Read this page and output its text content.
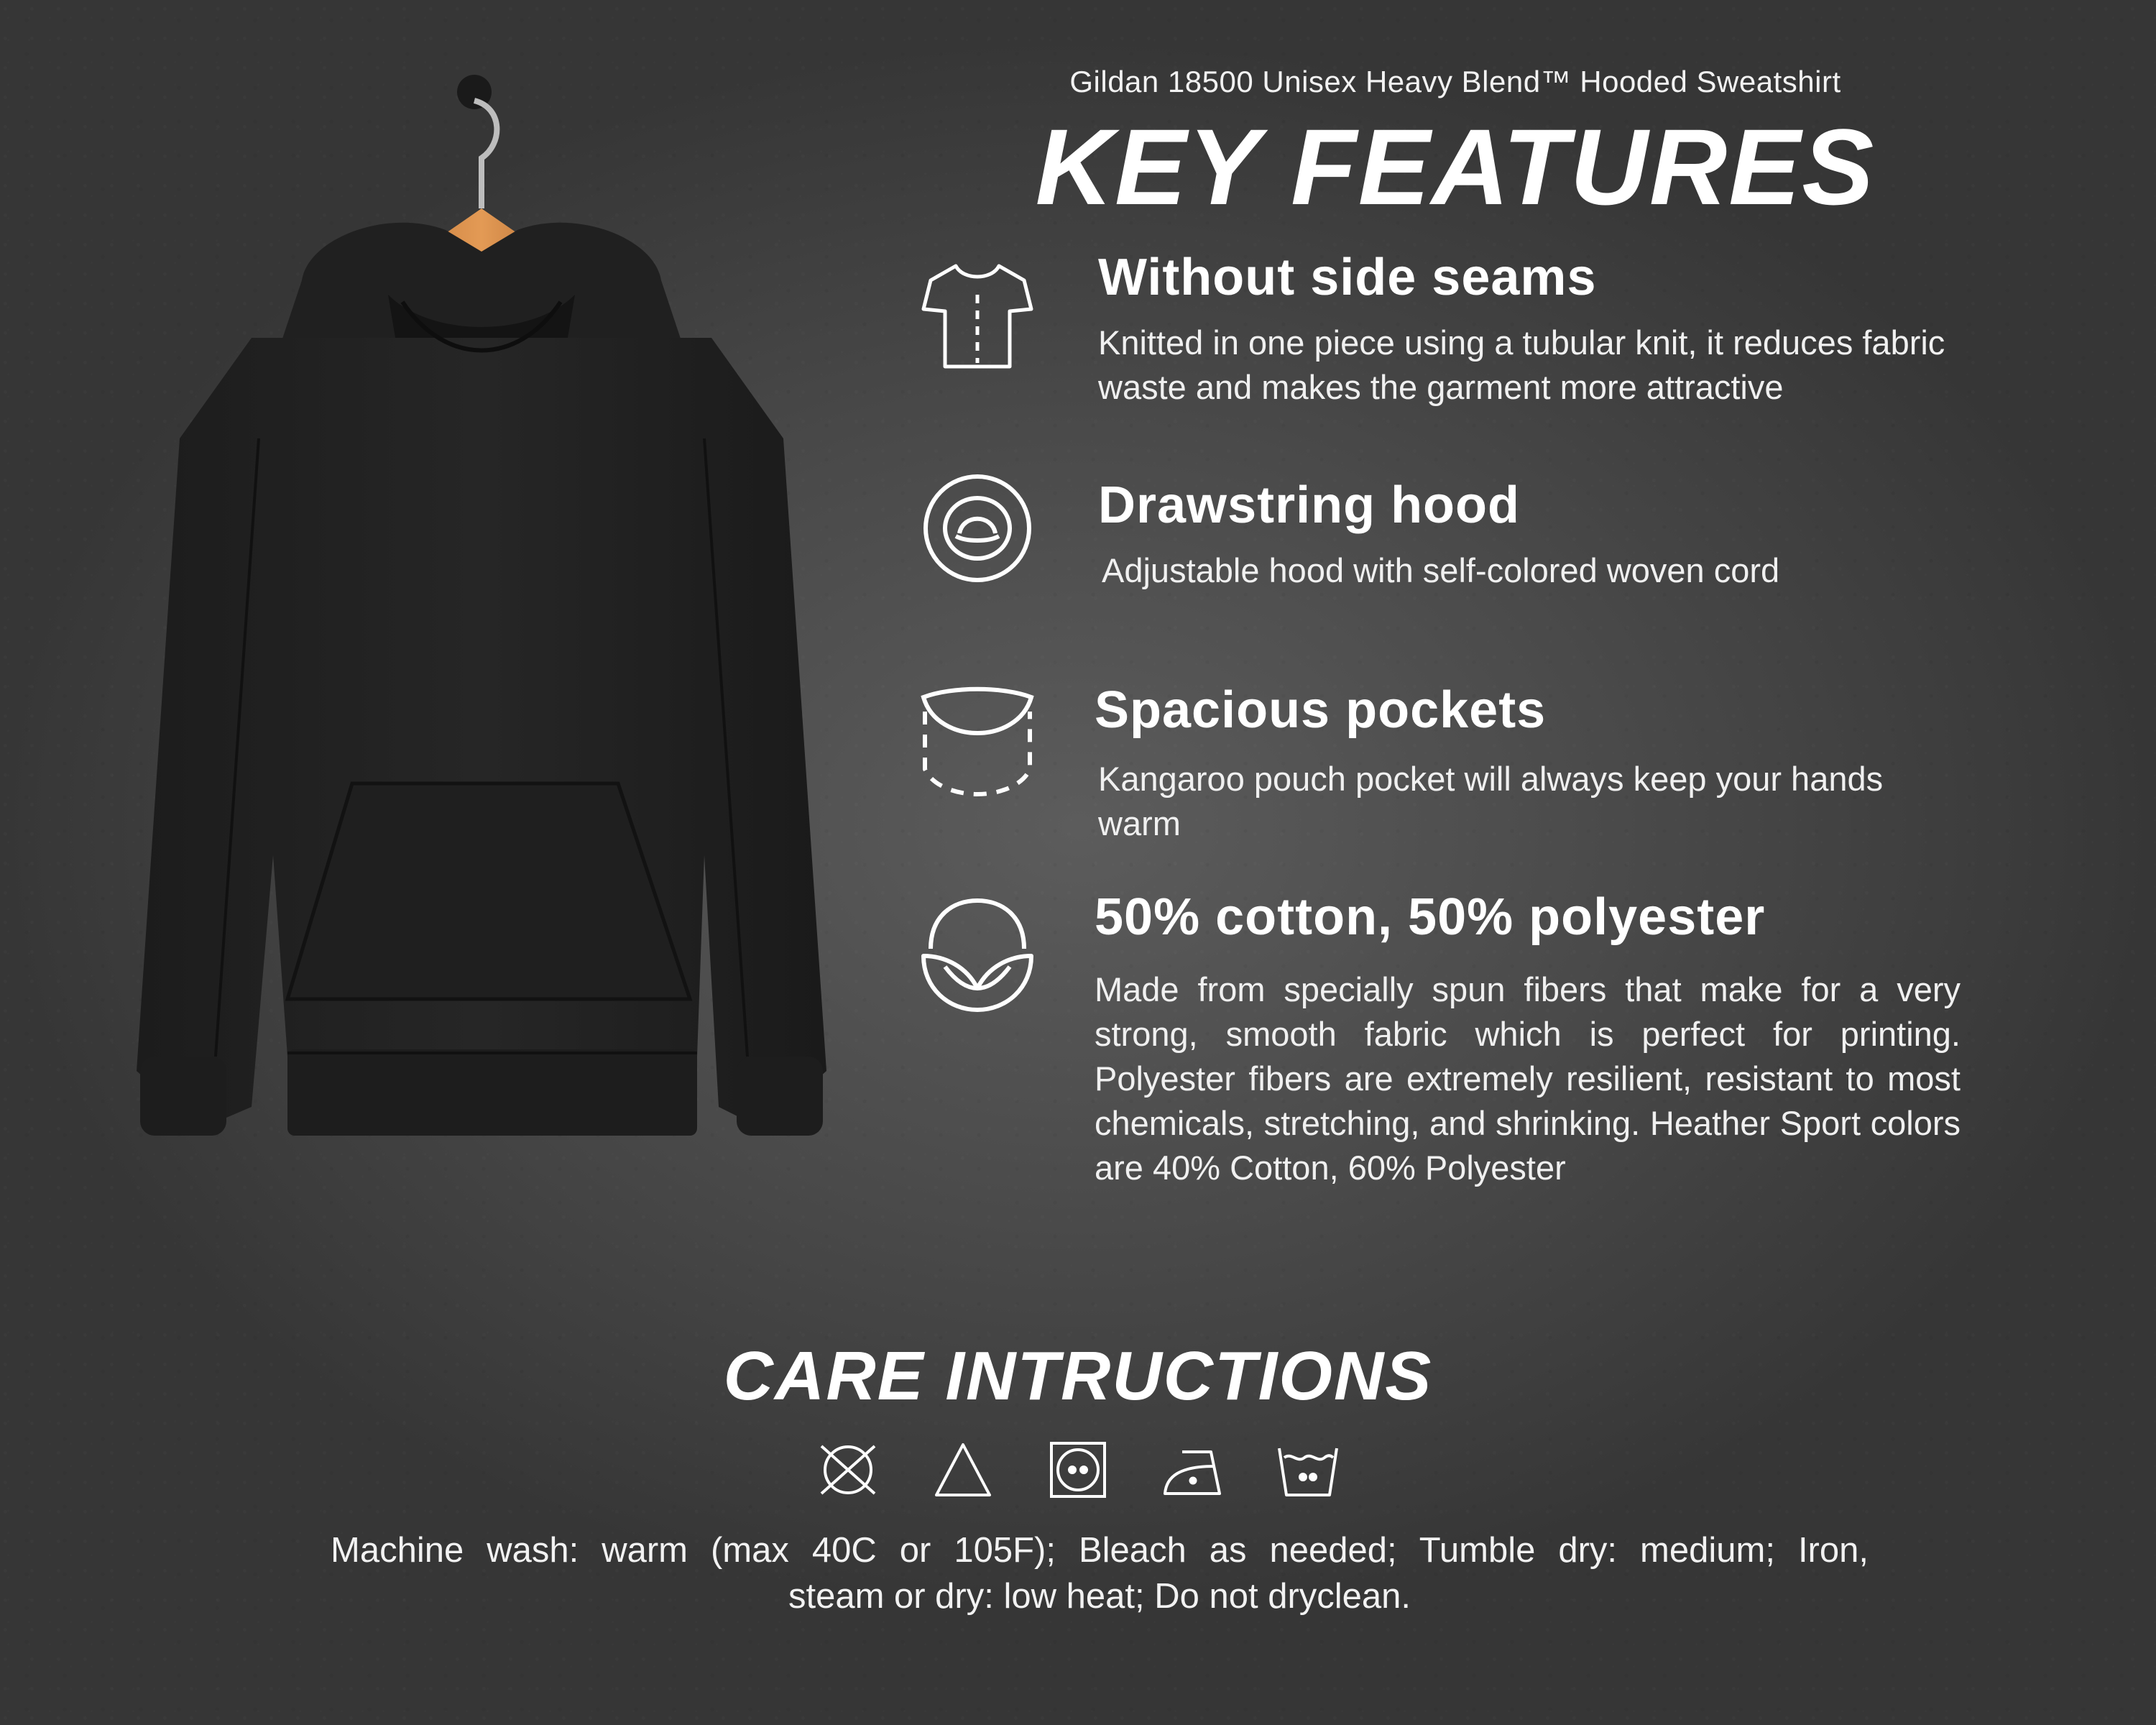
Gildan 18500 Unisex Heavy Blend™ Hooded Sweatshirt
KEY FEATURES
Without side seams
Knitted in one piece using a tubular knit, it reduces fabric waste and makes the garment more attractive
Drawstring hood
Adjustable hood with self-colored woven cord
Spacious pockets
Kangaroo pouch pocket will always keep your hands warm
50% cotton, 50% polyester
Made from specially spun fibers that make for a very strong, smooth fabric which is perfect for printing. Polyester fibers are extremely resilient, resistant to most chemicals, stretching, and shrinking. Heather Sport colors are 40% Cotton, 60% Polyester
CARE INTRUCTIONS
Machine wash: warm (max 40C or 105F); Bleach as needed; Tumble dry: medium; Iron,
steam or dry: low heat; Do not dryclean.
